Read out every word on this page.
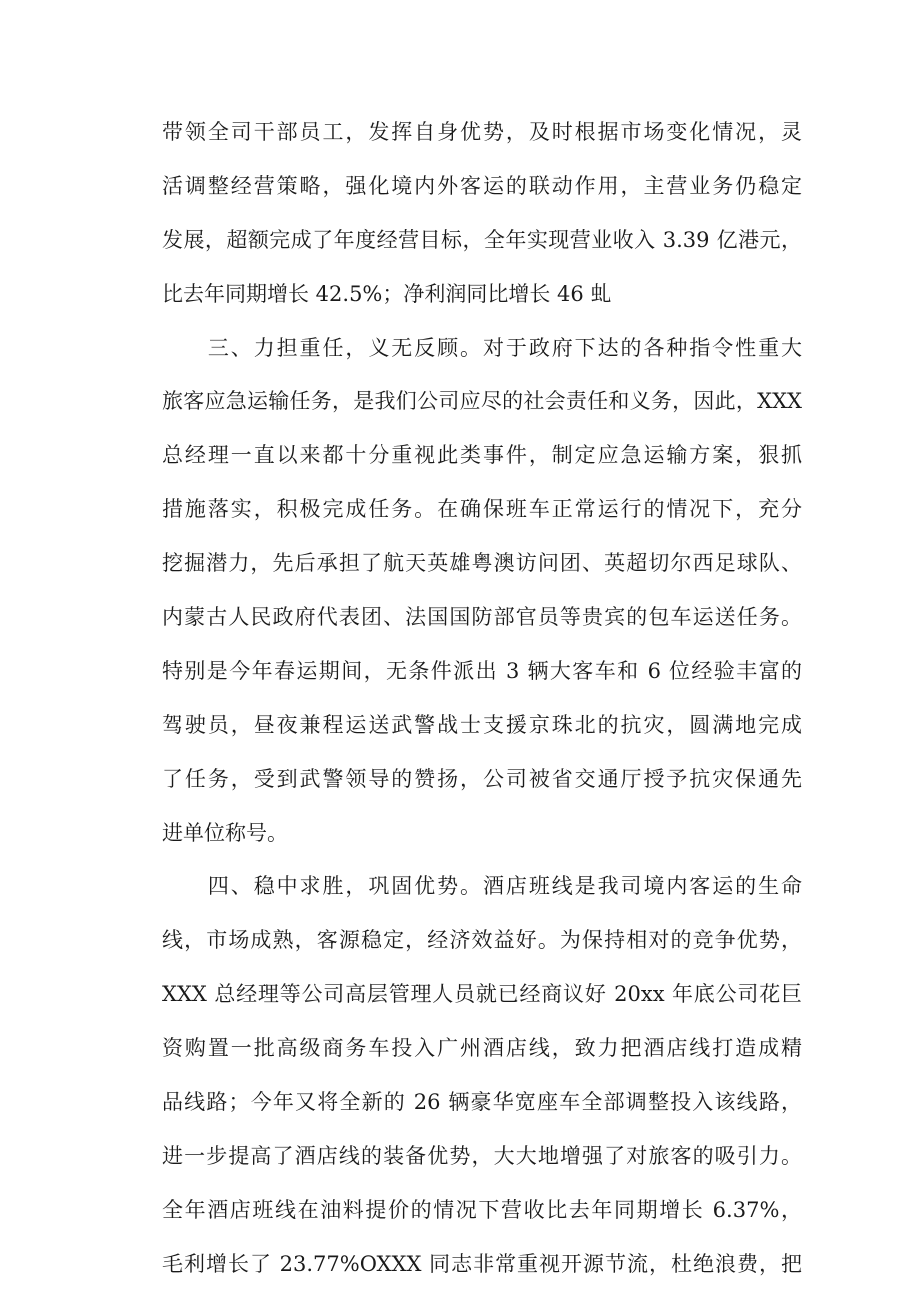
带领全司干部员工，发挥自身优势，及时根据市场变化情况，灵
活调整经营策略，强化境内外客运的联动作用，主营业务仍稳定
发展，超额完成了年度经营目标，全年实现营业收入 3.39 亿港元，
比去年同期增长 42.5%；净利润同比增长 46 虬
　　三、力担重任，义无反顾。对于政府下达的各种指令性重大
旅客应急运输任务，是我们公司应尽的社会责任和义务，因此，XXX
总经理一直以来都十分重视此类事件，制定应急运输方案，狠抓
措施落实，积极完成任务。在确保班车正常运行的情况下，充分
挖掘潜力，先后承担了航天英雄粤澳访问团、英超切尔西足球队、
内蒙古人民政府代表团、法国国防部官员等贵宾的包车运送任务。
特别是今年春运期间，无条件派出 3 辆大客车和 6 位经验丰富的
驾驶员，昼夜兼程运送武警战士支援京珠北的抗灾，圆满地完成
了任务，受到武警领导的赞扬，公司被省交通厅授予抗灾保通先
进单位称号。
　　四、稳中求胜，巩固优势。酒店班线是我司境内客运的生命
线，市场成熟，客源稳定，经济效益好。为保持相对的竞争优势，
XXX 总经理等公司高层管理人员就已经商议好 20xx 年底公司花巨
资购置一批高级商务车投入广州酒店线，致力把酒店线打造成精
品线路；今年又将全新的 26 辆豪华宽座车全部调整投入该线路，
进一步提高了酒店线的装备优势，大大地增强了对旅客的吸引力。
全年酒店班线在油料提价的情况下营收比去年同期增长 6.37%，
毛利增长了 23.77%OXXX 同志非常重视开源节流，杜绝浪费，把
